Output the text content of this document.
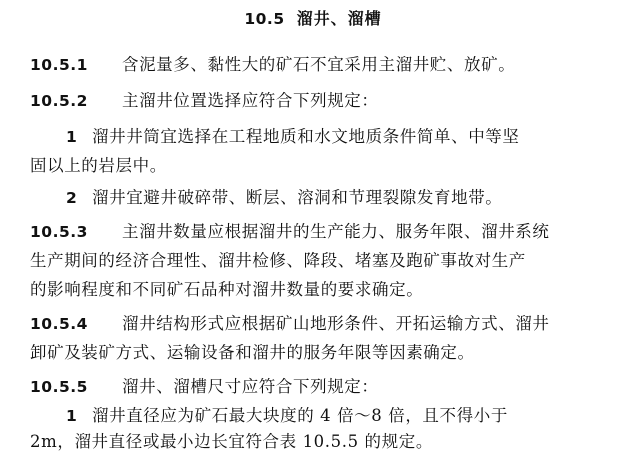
10.5 溜井、溜槽
10.5.1 含泥量多、黏性大的矿石不宜采用主溜井贮、放矿。
10.5.2 主溜井位置选择应符合下列规定：
1 溜井井筒宜选择在工程地质和水文地质条件简单、中等坚
固以上的岩层中。
2 溜井宜避井破碎带、断层、溶洞和节理裂隙发育地带。
10.5.3 主溜井数量应根据溜井的生产能力、服务年限、溜井系统
生产期间的经济合理性、溜井检修、降段、堵塞及跑矿事故对生产
的影响程度和不同矿石品种对溜井数量的要求确定。
10.5.4 溜井结构形式应根据矿山地形条件、开拓运输方式、溜井
卸矿及装矿方式、运输设备和溜井的服务年限等因素确定。
10.5.5 溜井、溜槽尺寸应符合下列规定：
1 溜井直径应为矿石最大块度的 4 倍～8 倍，且不得小于
2m，溜井直径或最小边长宜符合表 10.5.5 的规定。
